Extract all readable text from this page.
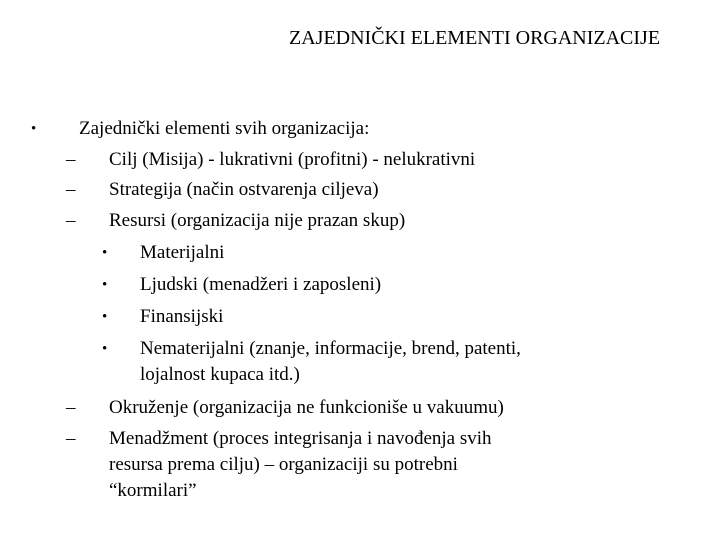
ZAJEDNIČKI ELEMENTI ORGANIZACIJE
• Zajednički elementi svih organizacija:
– Cilj (Misija) - lukrativni (profitni) - nelukrativni
– Strategija (način ostvarenja ciljeva)
– Resursi (organizacija nije prazan skup)
• Materijalni
• Ljudski (menadžeri i zaposleni)
• Finansijski
• Nematerijalni (znanje, informacije, brend, patenti,
lojalnost kupaca itd.)
– Okruženje (organizacija ne funkcioniše u vakuumu)
– Menadžment (proces integrisanja i navođenja svih
resursa prema cilju) – organizaciji su potrebni
“kormilari”
